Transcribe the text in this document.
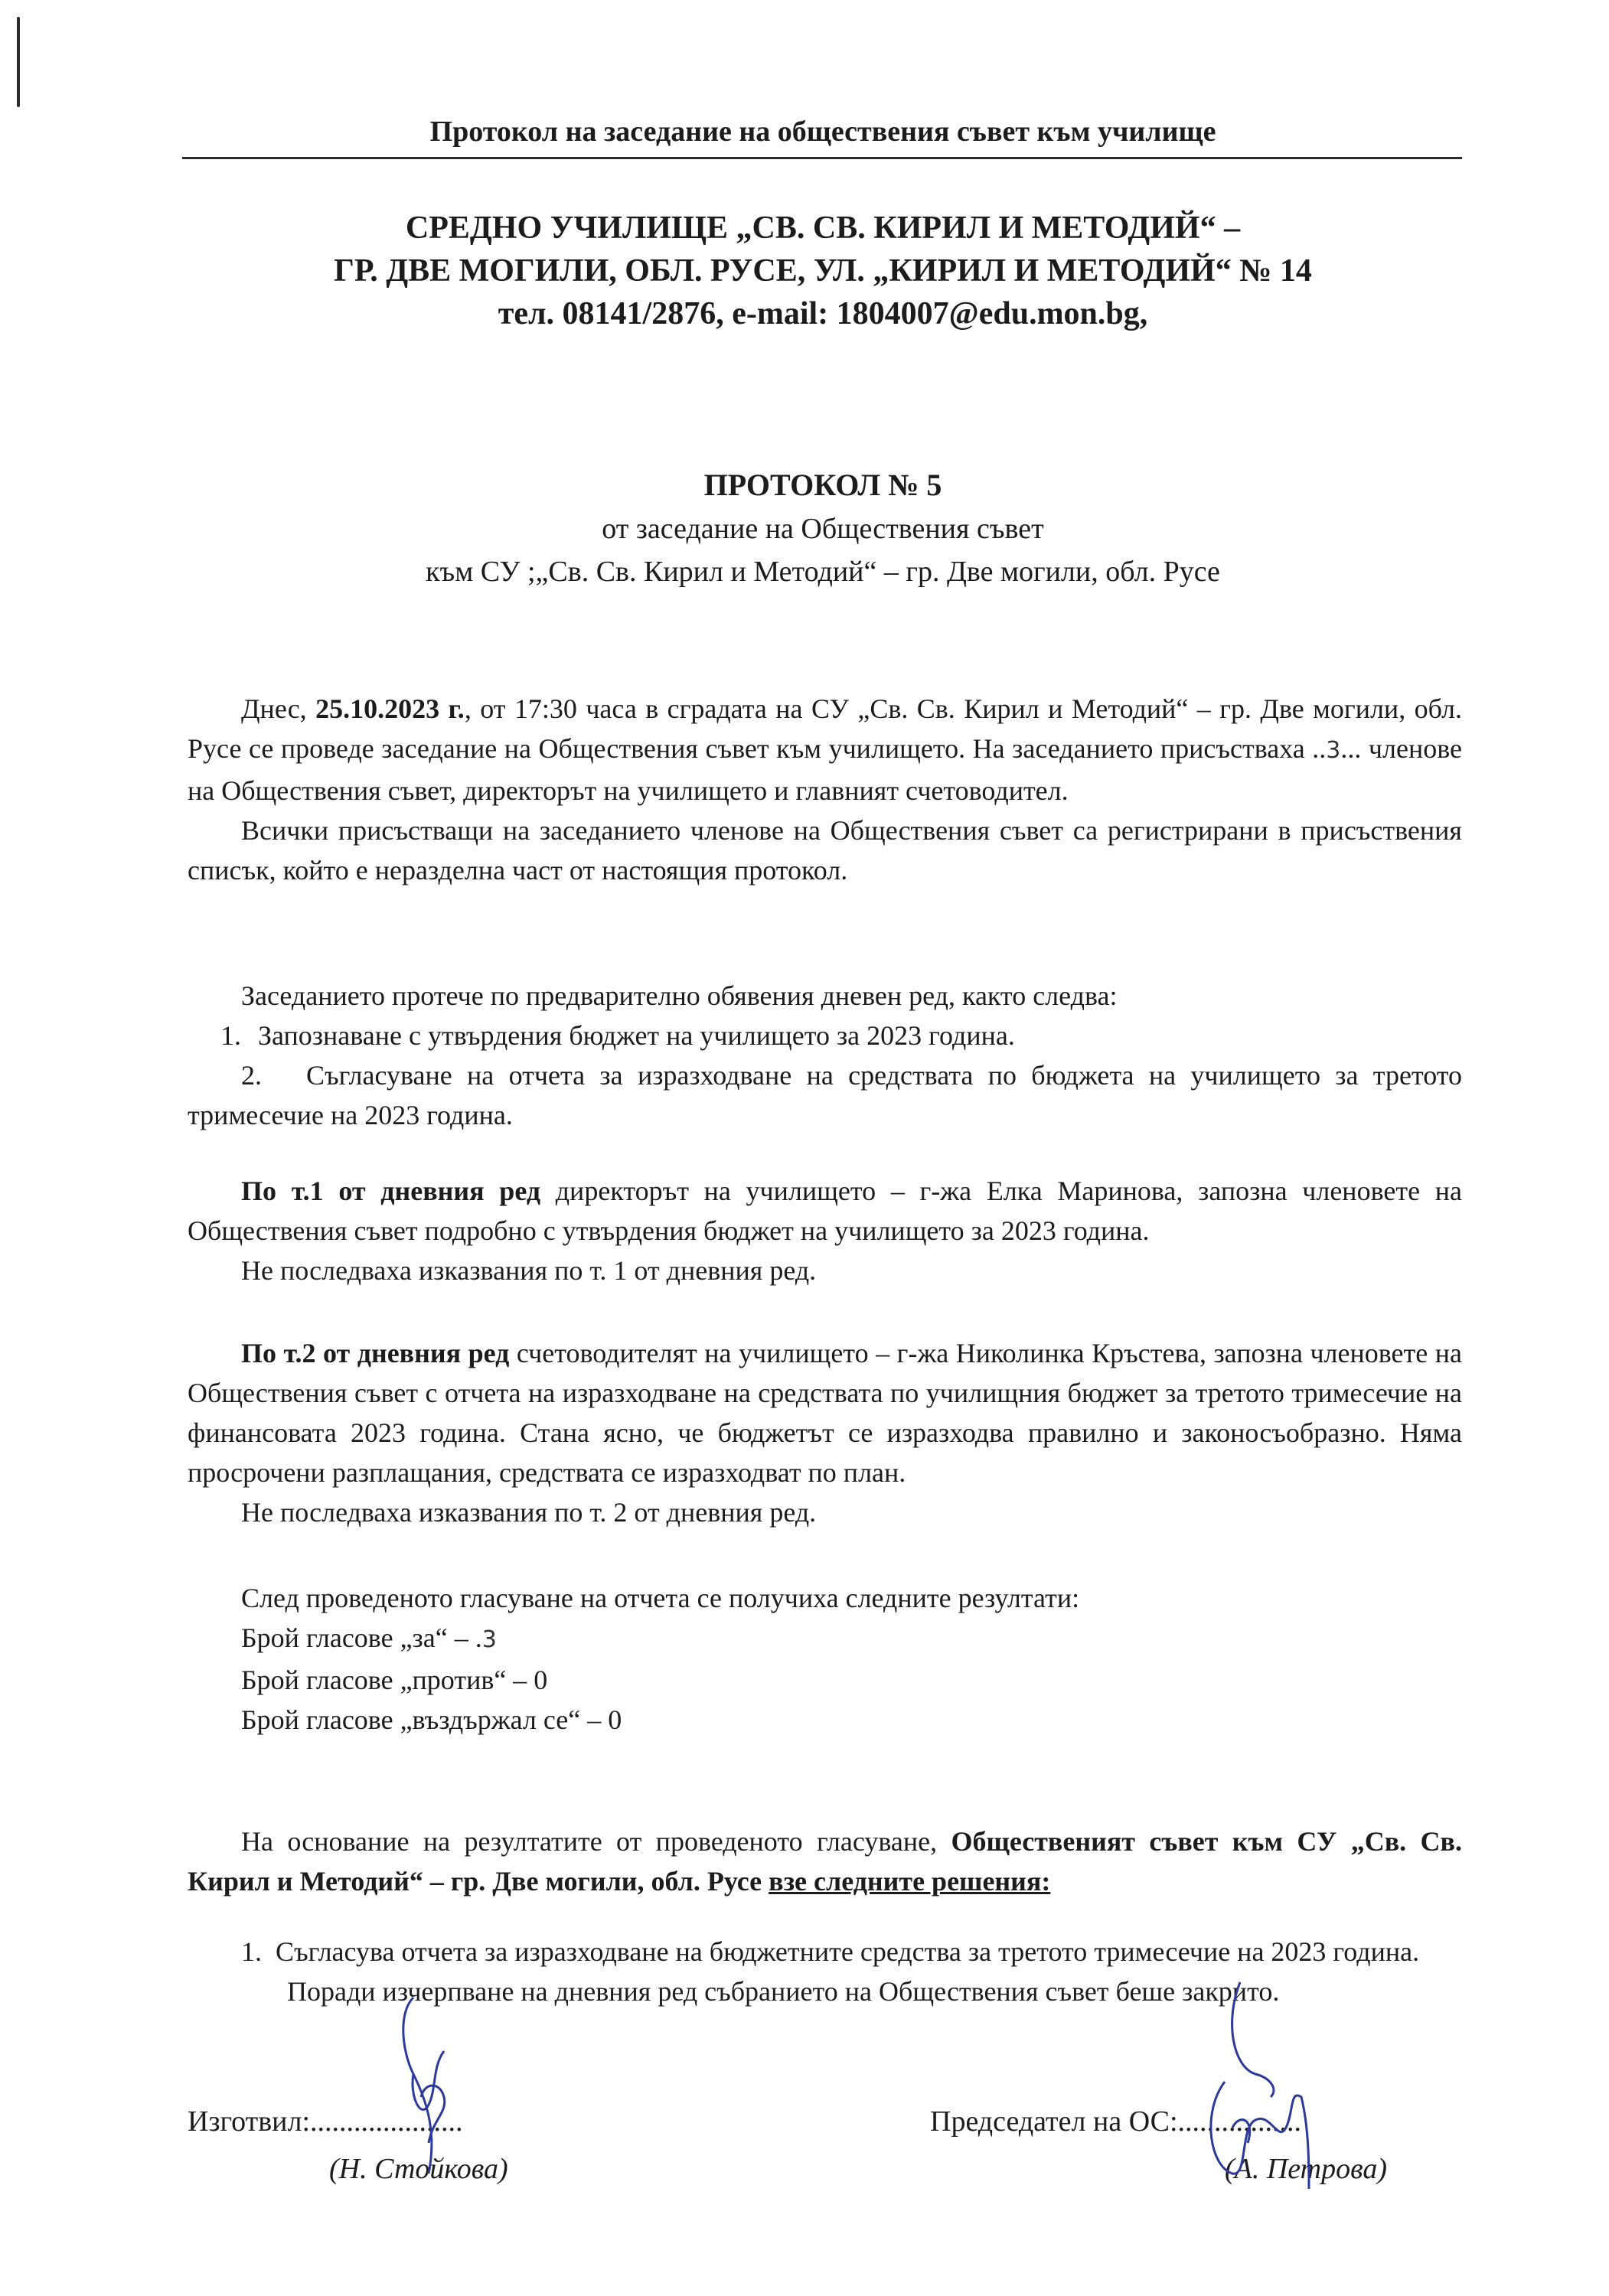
Протокол на заседание на обществения съвет към училище
СРЕДНО УЧИЛИЩЕ „СВ. СВ. КИРИЛ И МЕТОДИЙ“ –
ГР. ДВЕ МОГИЛИ, ОБЛ. РУСЕ, УЛ. „КИРИЛ И МЕТОДИЙ“ № 14
тел. 08141/2876, e-mail: 1804007@edu.mon.bg,
ПРОТОКОЛ № 5
от заседание на Обществения съвет
към СУ ;„Св. Св. Кирил и Методий“ – гр. Две могили, обл. Русе

Днес, 25.10.2023 г., от 17:30 часа в сградата на СУ „Св. Св. Кирил и Методий“ – гр. Две могили, обл. Русе се проведе заседание на Обществения съвет към училището. На заседанието присъстваха ..3... членове на Обществения съвет, директорът на училището и главният счетоводител.

Всички присъстващи на заседанието членове на Обществения съвет са регистрирани в присъствения списък, който е неразделна част от настоящия протокол.

Заседанието протече по предварително обявения дневен ред, както следва:

1. Запознаване с утвърдения бюджет на училището за 2023 година.

2. Съгласуване на отчета за изразходване на средствата по бюджета на училището за третото тримесечие на 2023 година.

По т.1 от дневния ред директорът на училището – г-жа Елка Маринова, запозна членовете на Обществения съвет подробно с утвърдения бюджет на училището за 2023 година.

Не последваха изказвания по т. 1 от дневния ред.

По т.2 от дневния ред счетоводителят на училището – г-жа Николинка Кръстева, запозна членовете на Обществения съвет с отчета на изразходване на средствата по училищния бюджет за третото тримесечие на финансовата 2023 година. Стана ясно, че бюджетът се изразходва правилно и законосъобразно. Няма просрочени разплащания, средствата се изразходват по план.

Не последваха изказвания по т. 2 от дневния ред.

След проведеното гласуване на отчета се получиха следните резултати:

Брой гласове „за“ – .3

Брой гласове „против“ – 0

Брой гласове „въздържал се“ – 0

На основание на резултатите от проведеното гласуване, Общественият съвет към СУ „Св. Св. Кирил и Методий“ – гр. Две могили, обл. Русе взе следните решения:

1. Съгласува отчета за изразходване на бюджетните средства за третото тримесечие на 2023 година.

Поради изчерпване на дневния ред събранието на Обществения съвет беше закрито.

Изготвил:.....................
(Н. Стойкова)
Председател на ОС:.................
(А. Петрова)
